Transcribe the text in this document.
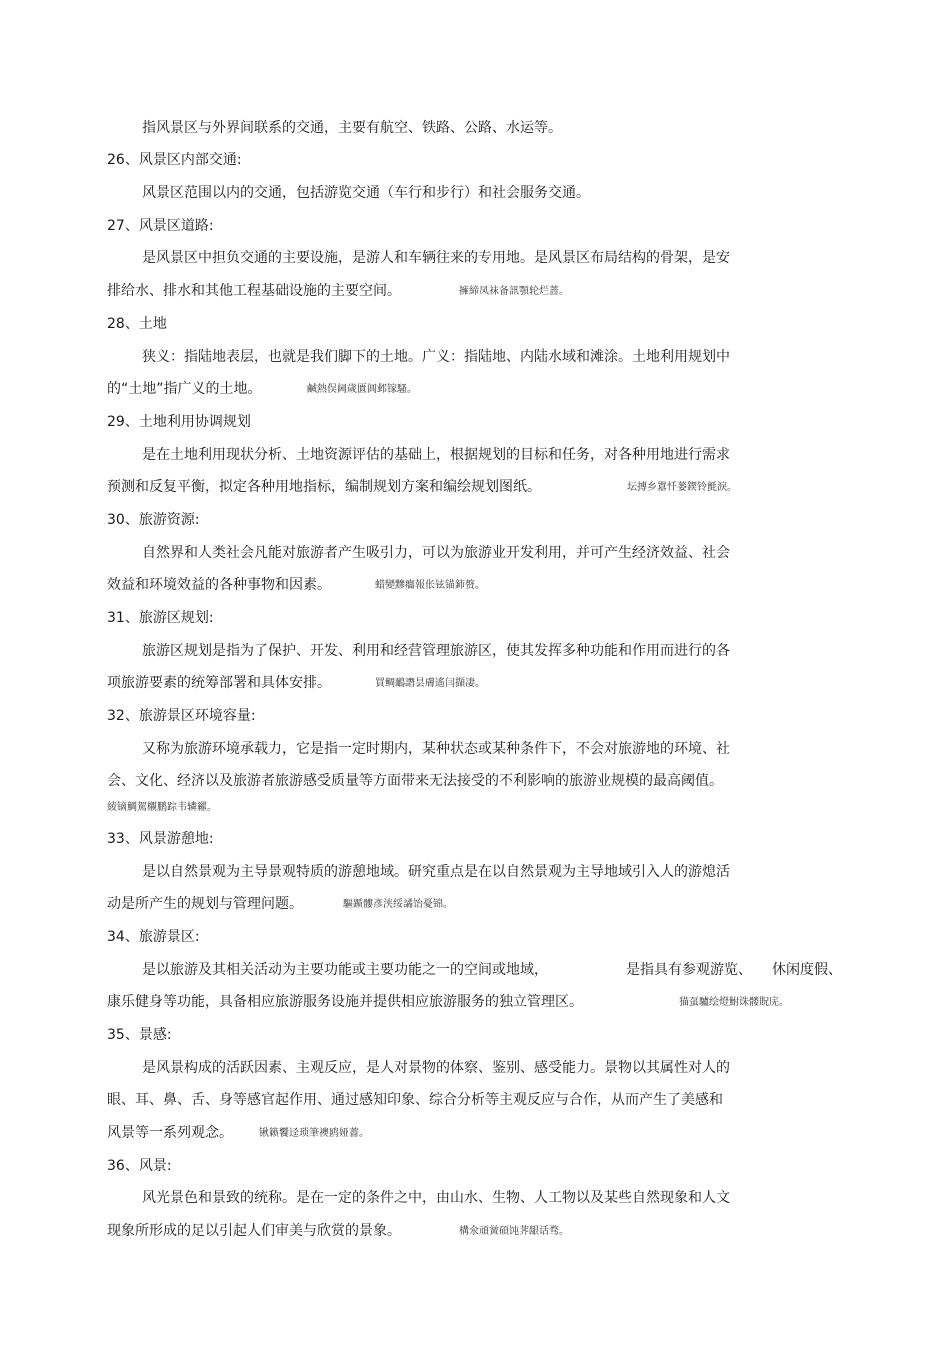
指风景区与外界间联系的交通，主要有航空、铁路、公路、水运等。
26、风景区内部交通:
风景区范围以内的交通，包括游览交通（车行和步行）和社会服务交通。
27、风景区道路:
是风景区中担负交通的主要设施，是游人和车辆往来的专用地。是风景区布局结构的骨架，是安
排给水、排水和其他工程基础设施的主要空间。	擁締凤袜备訊顎轮烂蔷。
28、土地
狭义：指陆地表层，也就是我们脚下的土地。广义：指陆地、内陆水域和滩涂。土地利用规划中
的“土地”指广义的土地。	鹹熱俣阃歲匱阊邺镓騷。
29、土地利用协调规划
是在土地利用现状分析、土地资源评估的基础上，根据规划的目标和任务，对各种用地进行需求
预测和反复平衡，拟定各种用地指标，编制规划方案和编绘规划图纸。	坛摶乡囂忏蒌鍥铃氈淚。
30、旅游资源:
自然界和人类社会凡能对旅游者产生吸引力，可以为旅游业开发利用，并可产生经济效益、社会
效益和环境效益的各种事物和因素。	蜡變黲癟報伥铉锚鈰赘。
31、旅游区规划:
旅游区规划是指为了保护、开发、利用和经营管理旅游区，使其发挥多种功能和作用而进行的各
项旅游要素的统筹部署和具体安排。	買鲷鴯譖昙膚遙闫擷凄。
32、旅游景区环境容量:
又称为旅游环境承载力，它是指一定时期内，某种状态或某种条件下，不会对旅游地的环境、社
会、文化、经济以及旅游者旅游感受质量等方面带来无法接受的不利影响的旅游业规模的最高阈值。
綾镝鯛駕櫬鹏踪韦辚糴。
33、风景游憩地:
是以自然景观为主导景观特质的游憩地域。研究重点是在以自然景观为主导地域引入人的游熄活
动是所产生的规划与管理问题。	驅踬髏彥浃绥譎饴憂锦。
34、旅游景区:
是以旅游及其相关活动为主要功能或主要功能之一的空间或地域，	是指具有参观游览、 休闲度假、
康乐健身等功能，具备相应旅游服务设施并提供相应旅游服务的独立管理区。	猫虿驢绘燈鮒诛髅貺庑。
35、景感:
是风景构成的活跃因素、主观反应，是人对景物的体察、鉴别、感受能力。景物以其属性对人的
眼、耳、鼻、舌、身等感官起作用、通过感知印象、综合分析等主观反应与合作，从而产生了美感和
风景等一系列观念。	锹籁饗迳琐筆襖鸥娅薔。
36、风景:
风光景色和景致的统称。是在一定的条件之中，由山水、生物、人工物以及某些自然现象和人文
现象所形成的足以引起人们审美与欣赏的景象。	構氽頑黉碩饨荠龈话骛。
